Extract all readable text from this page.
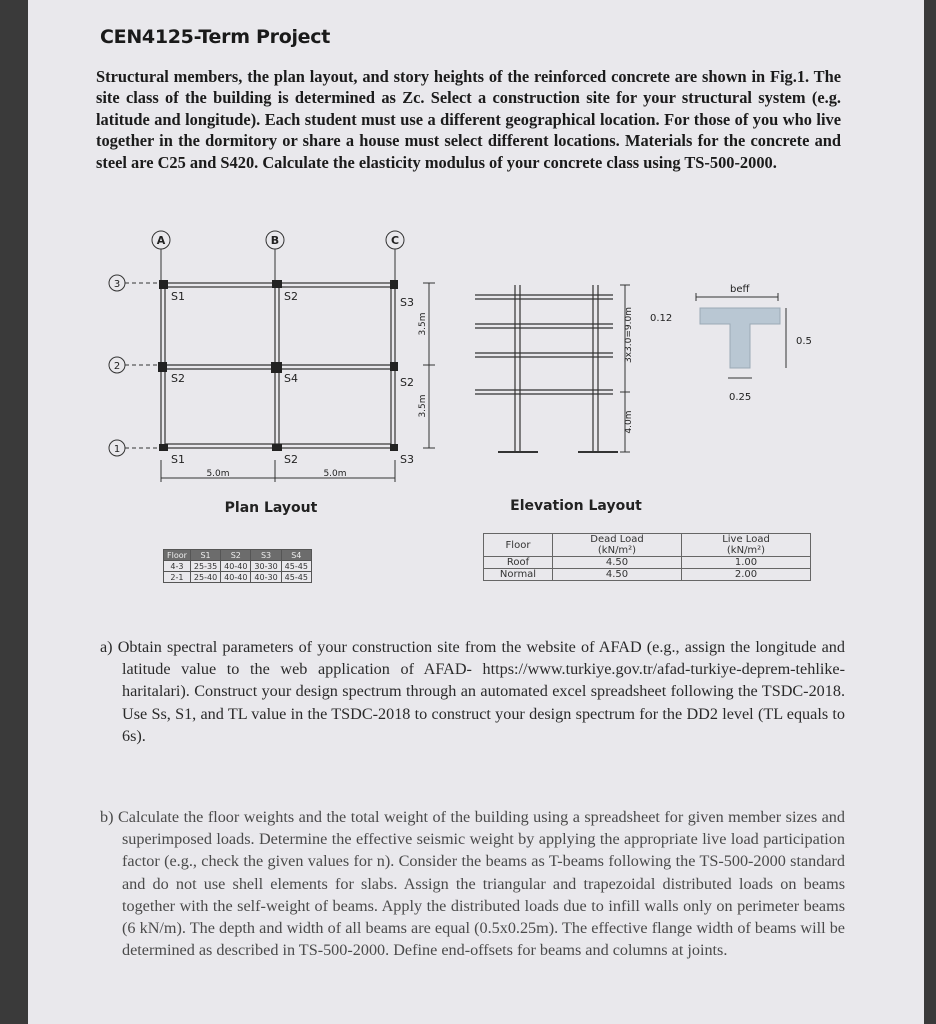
CEN4125-Term Project
Structural members, the plan layout, and story heights of the reinforced concrete are shown in Fig.1. The site class of the building is determined as Zc. Select a construction site for your structural system (e.g. latitude and longitude). Each student must use a different geographical location. For those of you who live together in the dormitory or share a house must select different locations. Materials for the concrete and steel are C25 and S420. Calculate the elasticity modulus of your concrete class using TS-500-2000.
A	B	C
3
2
1
S1	S2	S3
S2	S4	S2
S1	S2	S3
5.0m	5.0m
3.5m
3.5m
Plan Layout
3x3.0=9.0m
4.0m
Elevation Layout
beff
0.12
0.5
0.25
Floor	S1	S2	S3	S4
4-3	25-35	40-40	30-30	45-45
2-1	25-40	40-40	40-30	45-45
Floor	Dead Load	Live Load
	(kN/m²)	(kN/m²)
Roof	4.50	1.00
Normal	4.50	2.00
a) Obtain spectral parameters of your construction site from the website of AFAD (e.g., assign the longitude and latitude value to the web application of AFAD- https://www.turkiye.gov.tr/afad-turkiye-deprem-tehlike-haritalari). Construct your design spectrum through an automated excel spreadsheet following the TSDC-2018. Use Ss, S1, and TL value in the TSDC-2018 to construct your design spectrum for the DD2 level (TL equals to 6s).
b) Calculate the floor weights and the total weight of the building using a spreadsheet for given member sizes and superimposed loads. Determine the effective seismic weight by applying the appropriate live load participation factor (e.g., check the given values for n). Consider the beams as T-beams following the TS-500-2000 standard and do not use shell elements for slabs. Assign the triangular and trapezoidal distributed loads on beams together with the self-weight of beams. Apply the distributed loads due to infill walls only on perimeter beams (6 kN/m). The depth and width of all beams are equal (0.5x0.25m). The effective flange width of beams will be determined as described in TS-500-2000. Define end-offsets for beams and columns at joints.
